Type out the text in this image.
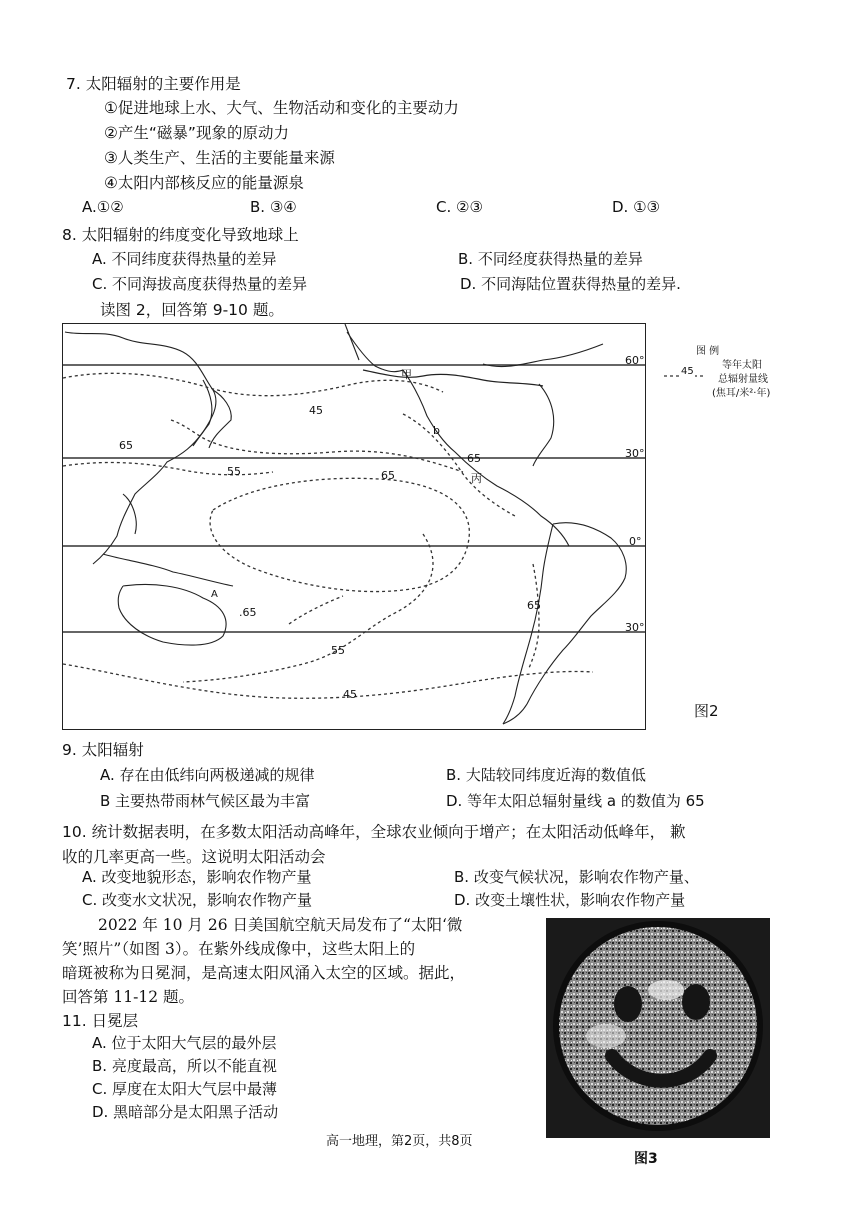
7. 太阳辐射的主要作用是
①促进地球上水、大气、生物活动和变化的主要动力
②产生“磁暴”现象的原动力
③人类生产、生活的主要能量来源
④太阳内部核反应的能量源泉
A.①②	B. ③④	C. ②③	D. ①③
8. 太阳辐射的纬度变化导致地球上
A. 不同纬度获得热量的差异	B. 不同经度获得热量的差异
C. 不同海拔高度获得热量的差异	D. 不同海陆位置获得热量的差异.
读图 2，回答第 9-10 题。
60°
30°
0°
30°
45
65
55	65
65
65
.65
55
45
甲
b
丙
A
图 例
45
等年太阳
总辐射量线
(焦耳/米²·年)
图2
9. 太阳辐射
A. 存在由低纬向两极递减的规律	B. 大陆较同纬度近海的数值低
B 主要热带雨林气候区最为丰富	D. 等年太阳总辐射量线 a 的数值为 65
10. 统计数据表明，在多数太阳活动高峰年，全球农业倾向于增产；在太阳活动低峰年， 歉
收的几率更高一些。这说明太阳活动会
A. 改变地貌形态，影响农作物产量	B. 改变气候状况，影响农作物产量、
C. 改变水文状况，影响农作物产量	D. 改变土壤性状，影响农作物产量
2022 年 10 月 26 日美国航空航天局发布了“太阳‘微
笑’照片”（如图 3）。在紫外线成像中，这些太阳上的
暗斑被称为日冕洞，是高速太阳风涌入太空的区域。据此，
回答第 11-12 题。
11. 日冕层
A. 位于太阳大气层的最外层
B. 亮度最高，所以不能直视
C. 厚度在太阳大气层中最薄
D. 黑暗部分是太阳黑子活动
图3
高一地理，第2页，共8页
